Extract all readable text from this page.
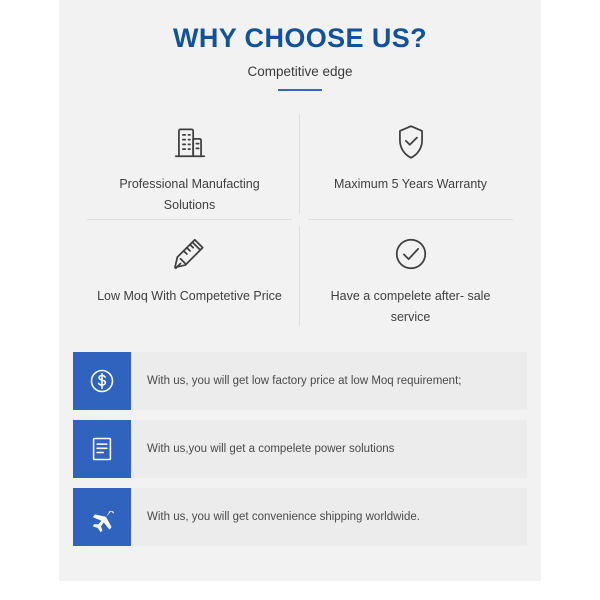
WHY CHOOSE US?

Competitive edge

Professional Manufacting Solutions
Maximum 5 Years Warranty
Low Moq With Competetive Price	Have a compelete after- sale service
With us, you will get low factory price at low Moq requirement;
With us,you will get a compelete power solutions
With us, you will get convenience shipping worldwide.
